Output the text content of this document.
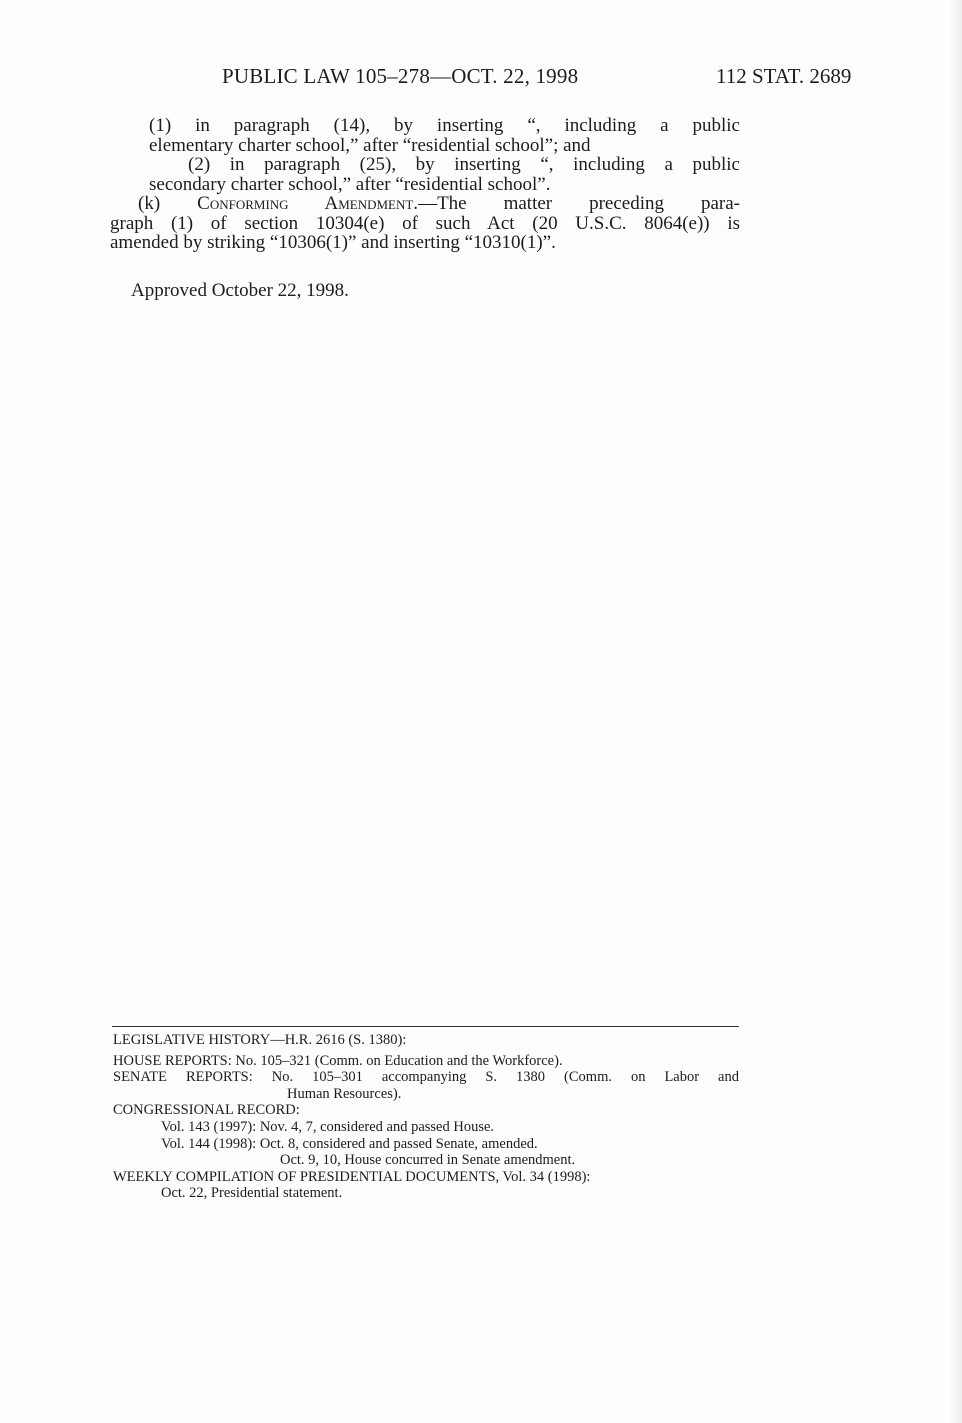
PUBLIC LAW 105–278—OCT. 22, 1998	112 STAT. 2689

(1) in paragraph (14), by inserting “, including a public

elementary charter school,” after “residential school”; and

(2) in paragraph (25), by inserting “, including a public

secondary charter school,” after “residential school”.

(k) Conforming Amendment.—The matter preceding para-

graph (1) of section 10304(e) of such Act (20 U.S.C. 8064(e)) is

amended by striking “10306(1)” and inserting “10310(1)”.

Approved October 22, 1998.

LEGISLATIVE HISTORY—H.R. 2616 (S. 1380):

HOUSE REPORTS: No. 105–321 (Comm. on Education and the Workforce).

SENATE REPORTS: No. 105–301 accompanying S. 1380 (Comm. on Labor and

Human Resources).

CONGRESSIONAL RECORD:

Vol. 143 (1997): Nov. 4, 7, considered and passed House.

Vol. 144 (1998): Oct. 8, considered and passed Senate, amended.

Oct. 9, 10, House concurred in Senate amendment.

WEEKLY COMPILATION OF PRESIDENTIAL DOCUMENTS, Vol. 34 (1998):

Oct. 22, Presidential statement.
